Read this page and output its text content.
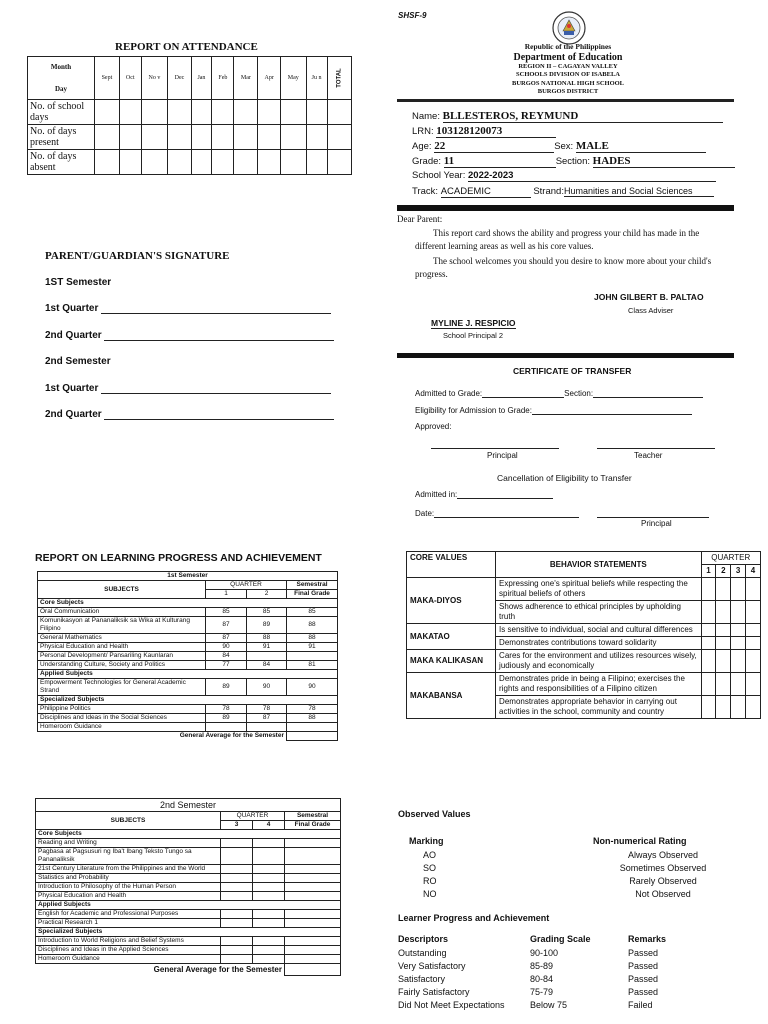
REPORT ON ATTENDANCE
Month
Day	Sept	Oct	No v	Dec	Jan	Feb	Mar	Apr	May	Ju n	TOTAL

No. of school days											
No. of days present											
No. of days absent											
PARENT/GUARDIAN'S SIGNATURE
1ST Semester
1st Quarter
2nd Quarter
2nd Semester
1st Quarter
2nd Quarter
REPORT ON LEARNING PROGRESS AND ACHIEVEMENT
1st Semester			
SUBJECTS	QUARTER		Semestral
	1	2	Final Grade
Core Subjects			
Oral Communication	85	85	85
Komunikasyon at Pananaliksik sa Wika at Kulturang Filipino	87	89	88
General Mathematics	87	88	88
Physical Education and Health	90	91	91
Personal Development/ Pansariling Kaunlaran	84		
Understanding Culture, Society and Politics	77	84	81
Applied Subjects			
Empowerment Technologies for General Academic Strand	89	90	90
Specialized Subjects			
Philippine Politics	78	78	78
Disciplines and Ideas in the Social Sciences	89	87	88
Homeroom Guidance			
General Average for the Semester			
2nd Semester			
SUBJECTS	QUARTER		Semestral
	3	4	Final Grade
Core Subjects			
Reading and Writing			
Pagbasa at Pagsusuri ng Iba't Ibang Teksto Tungo sa Pananaliksik			
21st Century Literature from the Philippines and the World			
Statistics and Probability			
Introduction to Philosophy of the Human Person			
Physical Education and Health			
Applied Subjects			
English for Academic and Professional Purposes			
Practical Research 1			
Specialized Subjects			
Introduction to World Religions and Belief Systems			
Disciplines and Ideas in the Applied Sciences			
Homeroom Guidance			
General Average for the Semester			
SHSF-9
Republic of the Philippines
Department of Education
REGION II – CAGAYAN VALLEY
SCHOOLS DIVISION OF ISABELA
BURGOS NATIONAL HIGH SCHOOL
BURGOS DISTRICT
Name: BLLESTEROS, REYMUND
LRN: 103128120073
Age: 22	Sex: MALE
Grade: 11	Section: HADES
School Year: 2022-2023
Track: ACADEMIC	Strand:Humanities and Social Sciences
Dear Parent:
This report card shows the ability and progress your child has made in the different learning areas as well as his core values.
The school welcomes you should you desire to know more about your child's progress.
JOHN GILBERT B. PALTAO
Class Adviser
MYLINE J. RESPICIO
School Principal 2
CERTIFICATE OF TRANSFER
Admitted to Grade:	Section:
Eligibility for Admission to Grade:
Approved:
Principal	Teacher
Cancellation of Eligibility to Transfer
Admitted in:
Date:
Principal
CORE VALUES	BEHAVIOR STATEMENTS	QUARTER			
		1	2	3	4
MAKA-DIYOS	Expressing one's spiritual beliefs while respecting the spiritual beliefs of others				
	Shows adherence to ethical principles by upholding truth				
MAKATAO	Is sensitive to individual, social and cultural differences				
	Demonstrates contributions toward solidarity				
MAKA KALIKASAN	Cares for the environment and utilizes resources wisely, judiously and economically				
MAKABANSA	Demonstrates pride in being a Filipino; exercises the rights and responsibilities of a Filipino citizen				
	Demonstrates appropriate behavior in carrying out activities in the school, community and country				
Observed Values
Marking	Non-numerical Rating
AO	Always Observed
SO	Sometimes Observed
RO	Rarely Observed
NO	Not Observed
Learner Progress and Achievement
Descriptors	Grading Scale	Remarks
Outstanding	90-100	Passed
Very Satisfactory	85-89	Passed
Satisfactory	80-84	Passed
Fairly Satisfactory	75-79	Passed
Did Not Meet Expectations	Below 75	Failed
